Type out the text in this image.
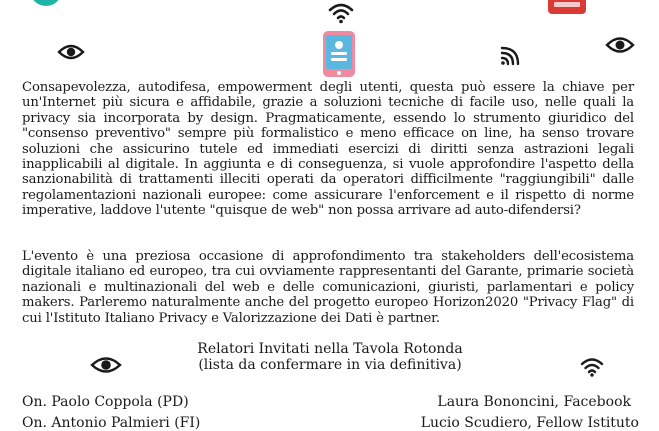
Consapevolezza, autodifesa, empowerment degli utenti, questa può essere la chiave per un'Internet più sicura e affidabile, grazie a soluzioni tecniche di facile uso, nelle quali la privacy sia incorporata by design. Pragmaticamente, essendo lo strumento giuridico del "consenso preventivo" sempre più formalistico e meno efficace on line, ha senso trovare soluzioni che assicurino tutele ed immediati esercizi di diritti senza astrazioni legali inapplicabili al digitale. In aggiunta e di conseguenza, si vuole approfondire l'aspetto della sanzionabilità di trattamenti illeciti operati da operatori difficilmente "raggiungibili" dalle regolamentazioni nazionali europee: come assicurare l'enforcement e il rispetto di norme imperative, laddove l'utente "quisque de web" non possa arrivare ad auto-difendersi?

L'evento è una preziosa occasione di approfondimento tra stakeholders dell'ecosistema digitale italiano ed europeo, tra cui ovviamente rappresentanti del Garante, primarie società nazionali e multinazionali del web e delle comunicazioni, giuristi, parlamentari e policy makers. Parleremo naturalmente anche del progetto europeo Horizon2020 "Privacy Flag" di cui l'Istituto Italiano Privacy e Valorizzazione dei Dati è partner.

Relatori Invitati nella Tavola Rotonda

(lista da confermare in via definitiva)

On. Paolo Coppola (PD)

On. Antonio Palmieri (FI)

Laura Bononcini, Facebook

Lucio Scudiero, Fellow Istituto
